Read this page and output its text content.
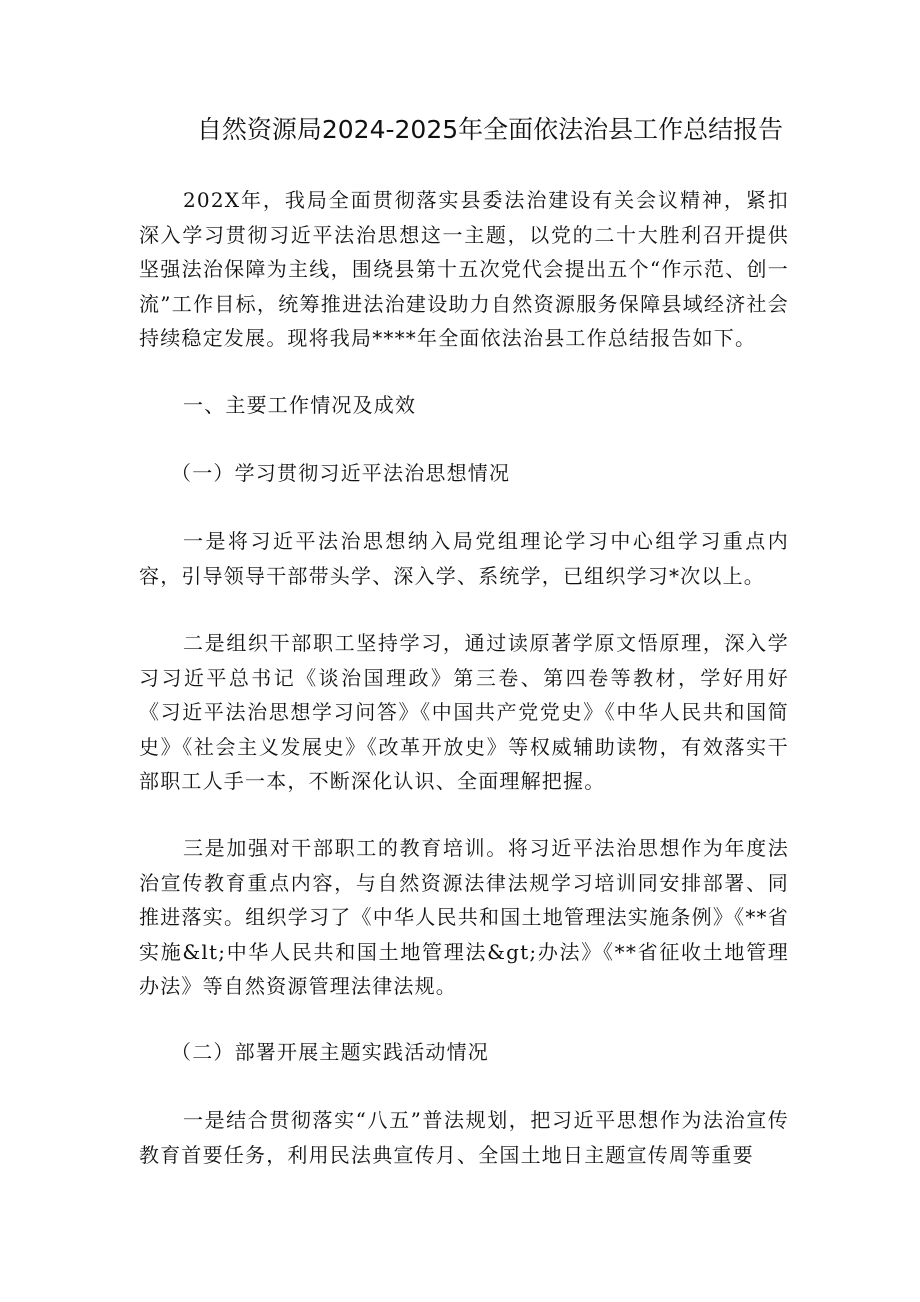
自然资源局2024-2025年全面依法治县工作总结报告

202X年，我局全面贯彻落实县委法治建设有关会议精神，紧扣深入学习贯彻习近平法治思想这一主题，以党的二十大胜利召开提供坚强法治保障为主线，围绕县第十五次党代会提出五个“作示范、创一流”工作目标，统筹推进法治建设助力自然资源服务保障县域经济社会持续稳定发展。现将我局****年全面依法治县工作总结报告如下。

一、主要工作情况及成效

（一）学习贯彻习近平法治思想情况

一是将习近平法治思想纳入局党组理论学习中心组学习重点内容，引导领导干部带头学、深入学、系统学，已组织学习*次以上。

二是组织干部职工坚持学习，通过读原著学原文悟原理，深入学习习近平总书记《谈治国理政》第三卷、第四卷等教材，学好用好《习近平法治思想学习问答》《中国共产党党史》《中华人民共和国简史》《社会主义发展史》《改革开放史》等权威辅助读物，有效落实干部职工人手一本，不断深化认识、全面理解把握。

三是加强对干部职工的教育培训。将习近平法治思想作为年度法治宣传教育重点内容，与自然资源法律法规学习培训同安排部署、同推进落实。组织学习了《中华人民共和国土地管理法实施条例》《**省实施&lt;中华人民共和国土地管理法&gt;办法》《**省征收土地管理办法》等自然资源管理法律法规。

（二）部署开展主题实践活动情况

一是结合贯彻落实“八五”普法规划，把习近平思想作为法治宣传教育首要任务，利用民法典宣传月、全国土地日主题宣传周等重要
